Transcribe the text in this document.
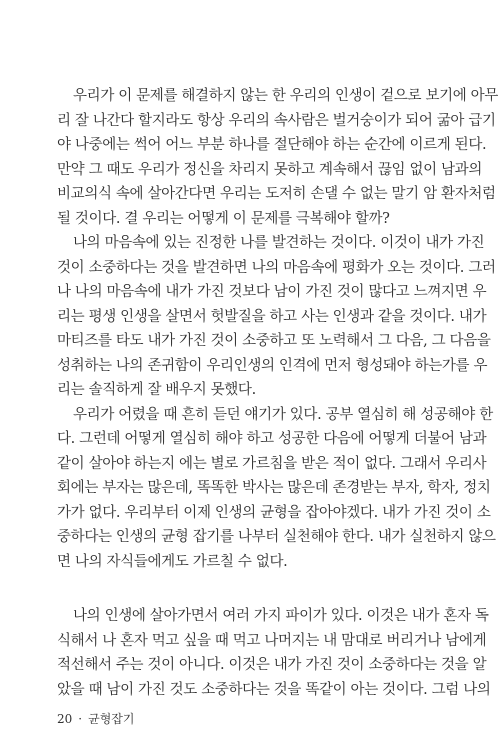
우리가 이 문제를 해결하지 않는 한 우리의 인생이 겉으로 보기에 아무
리 잘 나간다 할지라도 항상 우리의 속사람은 벌거숭이가 되어 굶아 급기
야 나중에는 썩어 어느 부분 하나를 절단해야 하는 순간에 이르게 된다.
만약 그 때도 우리가 정신을 차리지 못하고 계속해서 끊임 없이 남과의
비교의식 속에 살아간다면 우리는 도저히 손댈 수 없는 말기 암 환자처럼
될 것이다. 결 우리는 어떻게 이 문제를 극복해야 할까?
나의 마음속에 있는 진정한 나를 발견하는 것이다. 이것이 내가 가진
것이 소중하다는 것을 발견하면 나의 마음속에 평화가 오는 것이다. 그러
나 나의 마음속에 내가 가진 것보다 남이 가진 것이 많다고 느껴지면 우
리는 평생 인생을 살면서 헛발질을 하고 사는 인생과 같을 것이다. 내가
마티즈를 타도 내가 가진 것이 소중하고 또 노력해서 그 다음, 그 다음을
성취하는 나의 존귀함이 우리인생의 인격에 먼저 형성돼야 하는가를 우
리는 솔직하게 잘 배우지 못했다.
우리가 어렸을 때 흔히 듣던 얘기가 있다. 공부 열심히 해 성공해야 한
다. 그런데 어떻게 열심히 해야 하고 성공한 다음에 어떻게 더불어 남과
같이 살아야 하는지 에는 별로 가르침을 받은 적이 없다. 그래서 우리사
회에는 부자는 많은데, 똑똑한 박사는 많은데 존경받는 부자, 학자, 정치
가가 없다. 우리부터 이제 인생의 균형을 잡아야겠다. 내가 가진 것이 소
중하다는 인생의 균형 잡기를 나부터 실천해야 한다. 내가 실천하지 않으
면 나의 자식들에게도 가르칠 수 없다.
나의 인생에 살아가면서 여러 가지 파이가 있다. 이것은 내가 혼자 독
식해서 나 혼자 먹고 싶을 때 먹고 나머지는 내 맘대로 버리거나 남에게
적선해서 주는 것이 아니다. 이것은 내가 가진 것이 소중하다는 것을 알
았을 때 남이 가진 것도 소중하다는 것을 똑같이 아는 것이다. 그럼 나의
20 · 균형잡기
